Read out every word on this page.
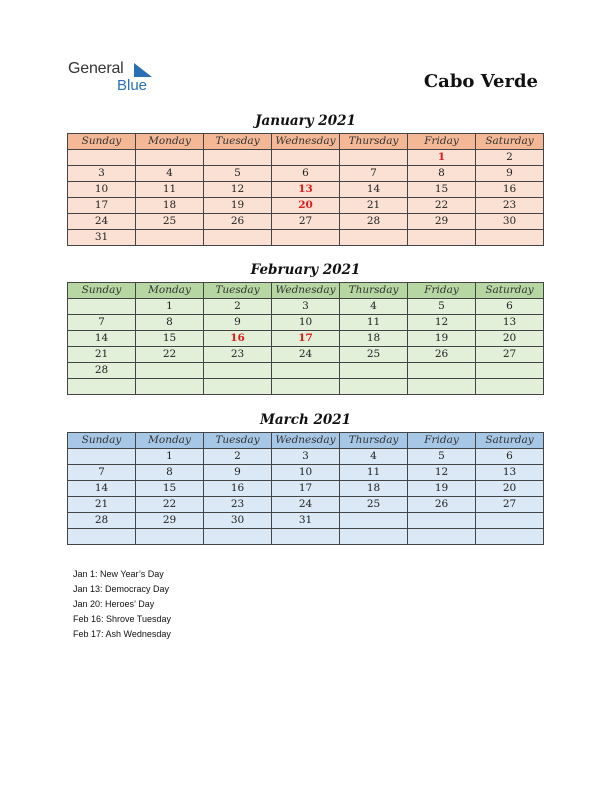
General
Blue	Cabo Verde
January 2021
Sunday	Monday	Tuesday	Wednesday	Thursday	Friday	Saturday
					1	2
3	4	5	6	7	8	9
10	11	12	13	14	15	16
17	18	19	20	21	22	23
24	25	26	27	28	29	30
31						
February 2021
Sunday	Monday	Tuesday	Wednesday	Thursday	Friday	Saturday
	1	2	3	4	5	6
7	8	9	10	11	12	13
14	15	16	17	18	19	20
21	22	23	24	25	26	27
28						

March 2021
Sunday	Monday	Tuesday	Wednesday	Thursday	Friday	Saturday
	1	2	3	4	5	6
7	8	9	10	11	12	13
14	15	16	17	18	19	20
21	22	23	24	25	26	27
28	29	30	31			

Jan 1: New Year’s Day
Jan 13: Democracy Day
Jan 20: Heroes’ Day
Feb 16: Shrove Tuesday
Feb 17: Ash Wednesday
